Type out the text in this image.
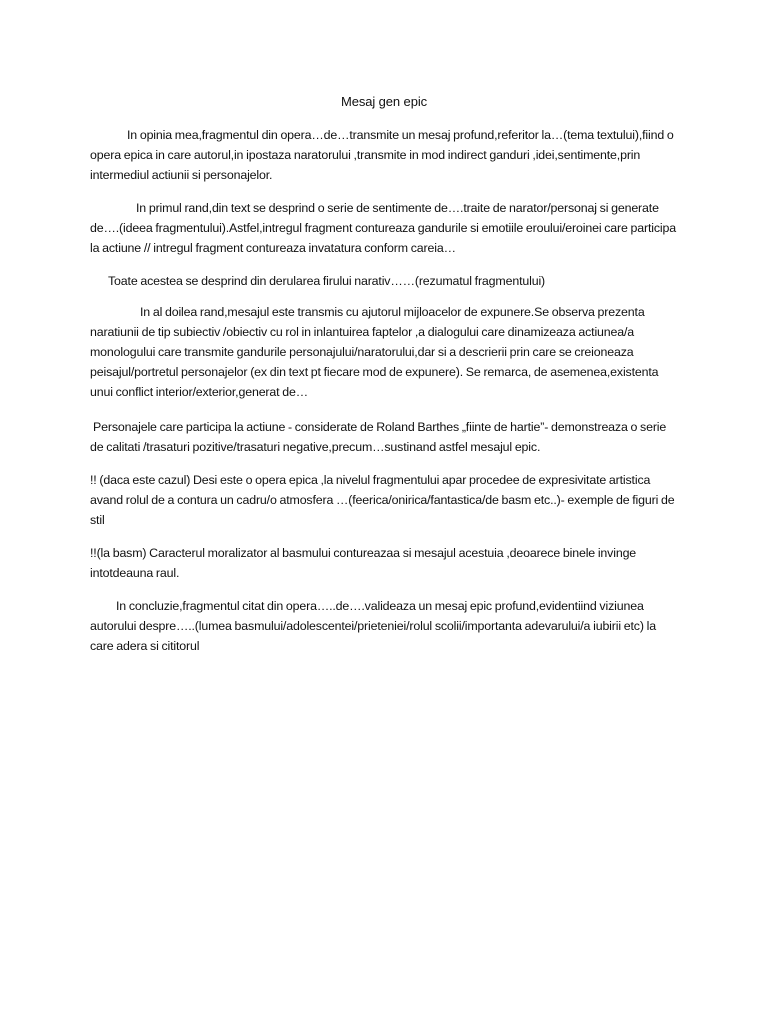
Mesaj gen epic

In opinia mea,fragmentul din opera…de…transmite un mesaj profund,referitor la…(tema textului),fiind o opera epica in care autorul,in ipostaza naratorului ,transmite in mod indirect ganduri ,idei,sentimente,prin intermediul actiunii si personajelor.

In primul rand,din text se desprind o serie de sentimente de….traite de narator/personaj si generate de….(ideea fragmentului).Astfel,intregul fragment contureaza gandurile si emotiile eroului/eroinei care participa la actiune // intregul fragment contureaza invatatura conform careia…

Toate acestea se desprind din derularea firului narativ……(rezumatul fragmentului)

In al doilea rand,mesajul este transmis cu ajutorul mijloacelor de expunere.Se observa prezenta naratiunii de tip subiectiv /obiectiv cu rol in inlantuirea faptelor ,a dialogului care dinamizeaza actiunea/a monologului care transmite gandurile personajului/naratorului,dar si a descrierii prin care se creioneaza peisajul/portretul personajelor (ex din text pt fiecare mod de expunere). Se remarca, de asemenea,existenta unui conflict interior/exterior,generat de…

Personajele care participa la actiune - considerate de Roland Barthes „fiinte de hartie”- demonstreaza o serie de calitati /trasaturi pozitive/trasaturi negative,precum…sustinand astfel mesajul epic.

!! (daca este cazul) Desi este o opera epica ,la nivelul fragmentului apar procedee de expresivitate artistica avand rolul de a contura un cadru/o atmosfera …(feerica/onirica/fantastica/de basm etc..)- exemple de figuri de stil

!!(la basm) Caracterul moralizator al basmului contureazaa si mesajul acestuia ,deoarece binele invinge intotdeauna raul.

In concluzie,fragmentul citat din opera…..de….valideaza un mesaj epic profund,evidentiind viziunea autorului despre…..(lumea basmului/adolescentei/prieteniei/rolul scolii/importanta adevarului/a iubirii etc) la care adera si cititorul
